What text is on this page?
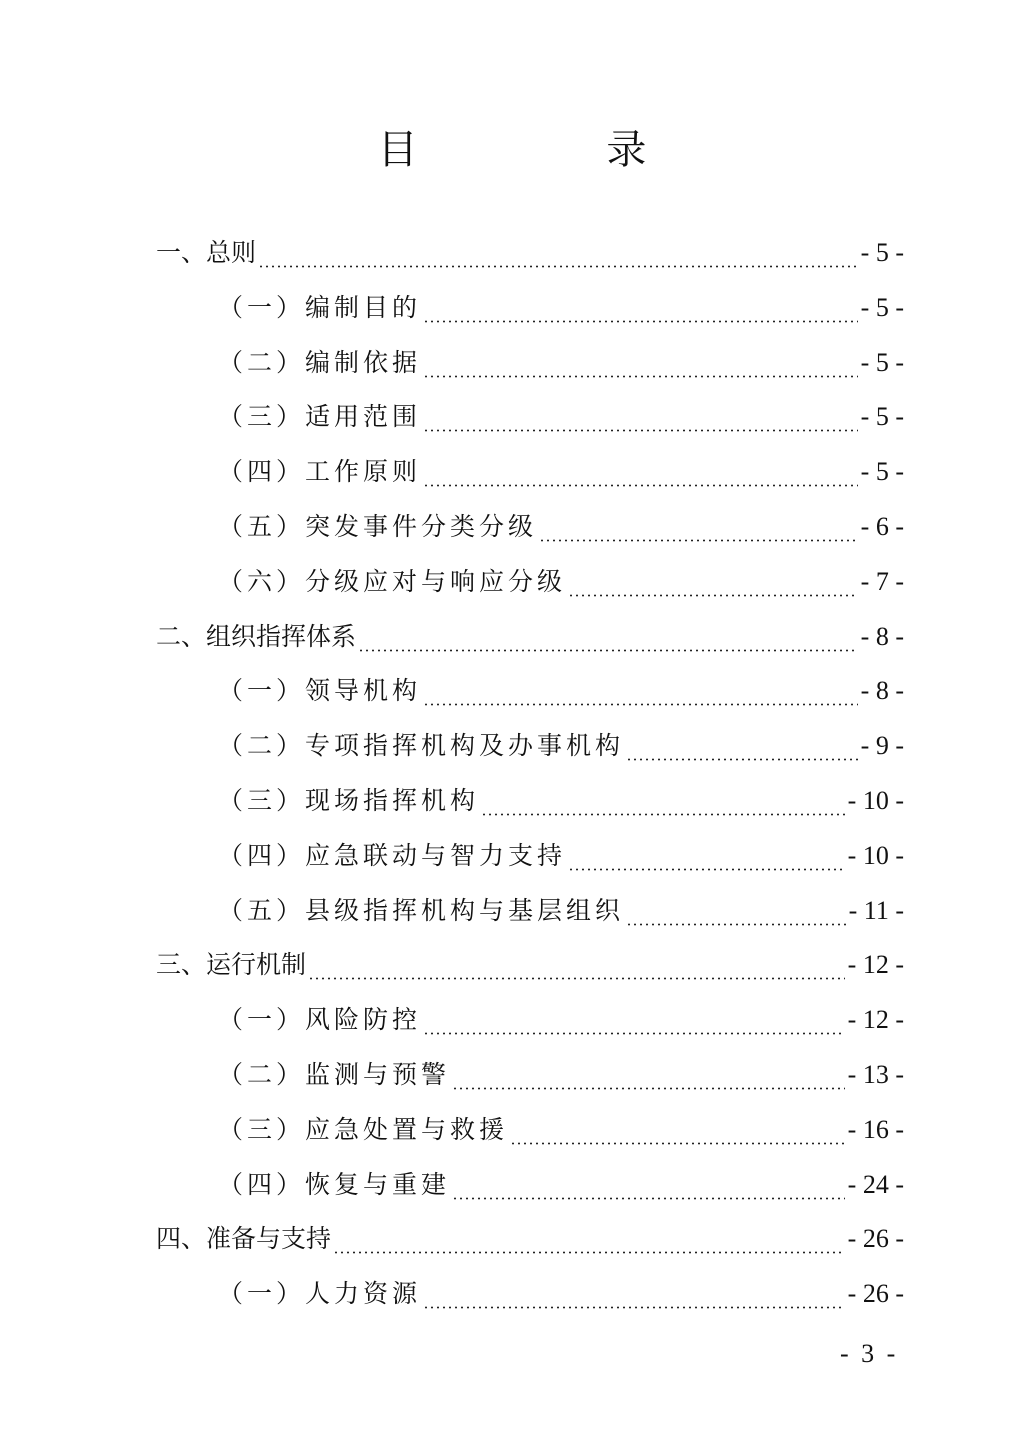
目 录
一、总则	- 5 -
（一）编制目的	- 5 -
（二）编制依据	- 5 -
（三）适用范围	- 5 -
（四）工作原则	- 5 -
（五）突发事件分类分级	- 6 -
（六）分级应对与响应分级	- 7 -
二、组织指挥体系	- 8 -
（一）领导机构	- 8 -
（二）专项指挥机构及办事机构	- 9 -
（三）现场指挥机构	- 10 -
（四）应急联动与智力支持	- 10 -
（五）县级指挥机构与基层组织	- 11 -
三、运行机制	- 12 -
（一）风险防控	- 12 -
（二）监测与预警	- 13 -
（三）应急处置与救援	- 16 -
（四）恢复与重建	- 24 -
四、准备与支持	- 26 -
（一）人力资源	- 26 -
- 3 -
